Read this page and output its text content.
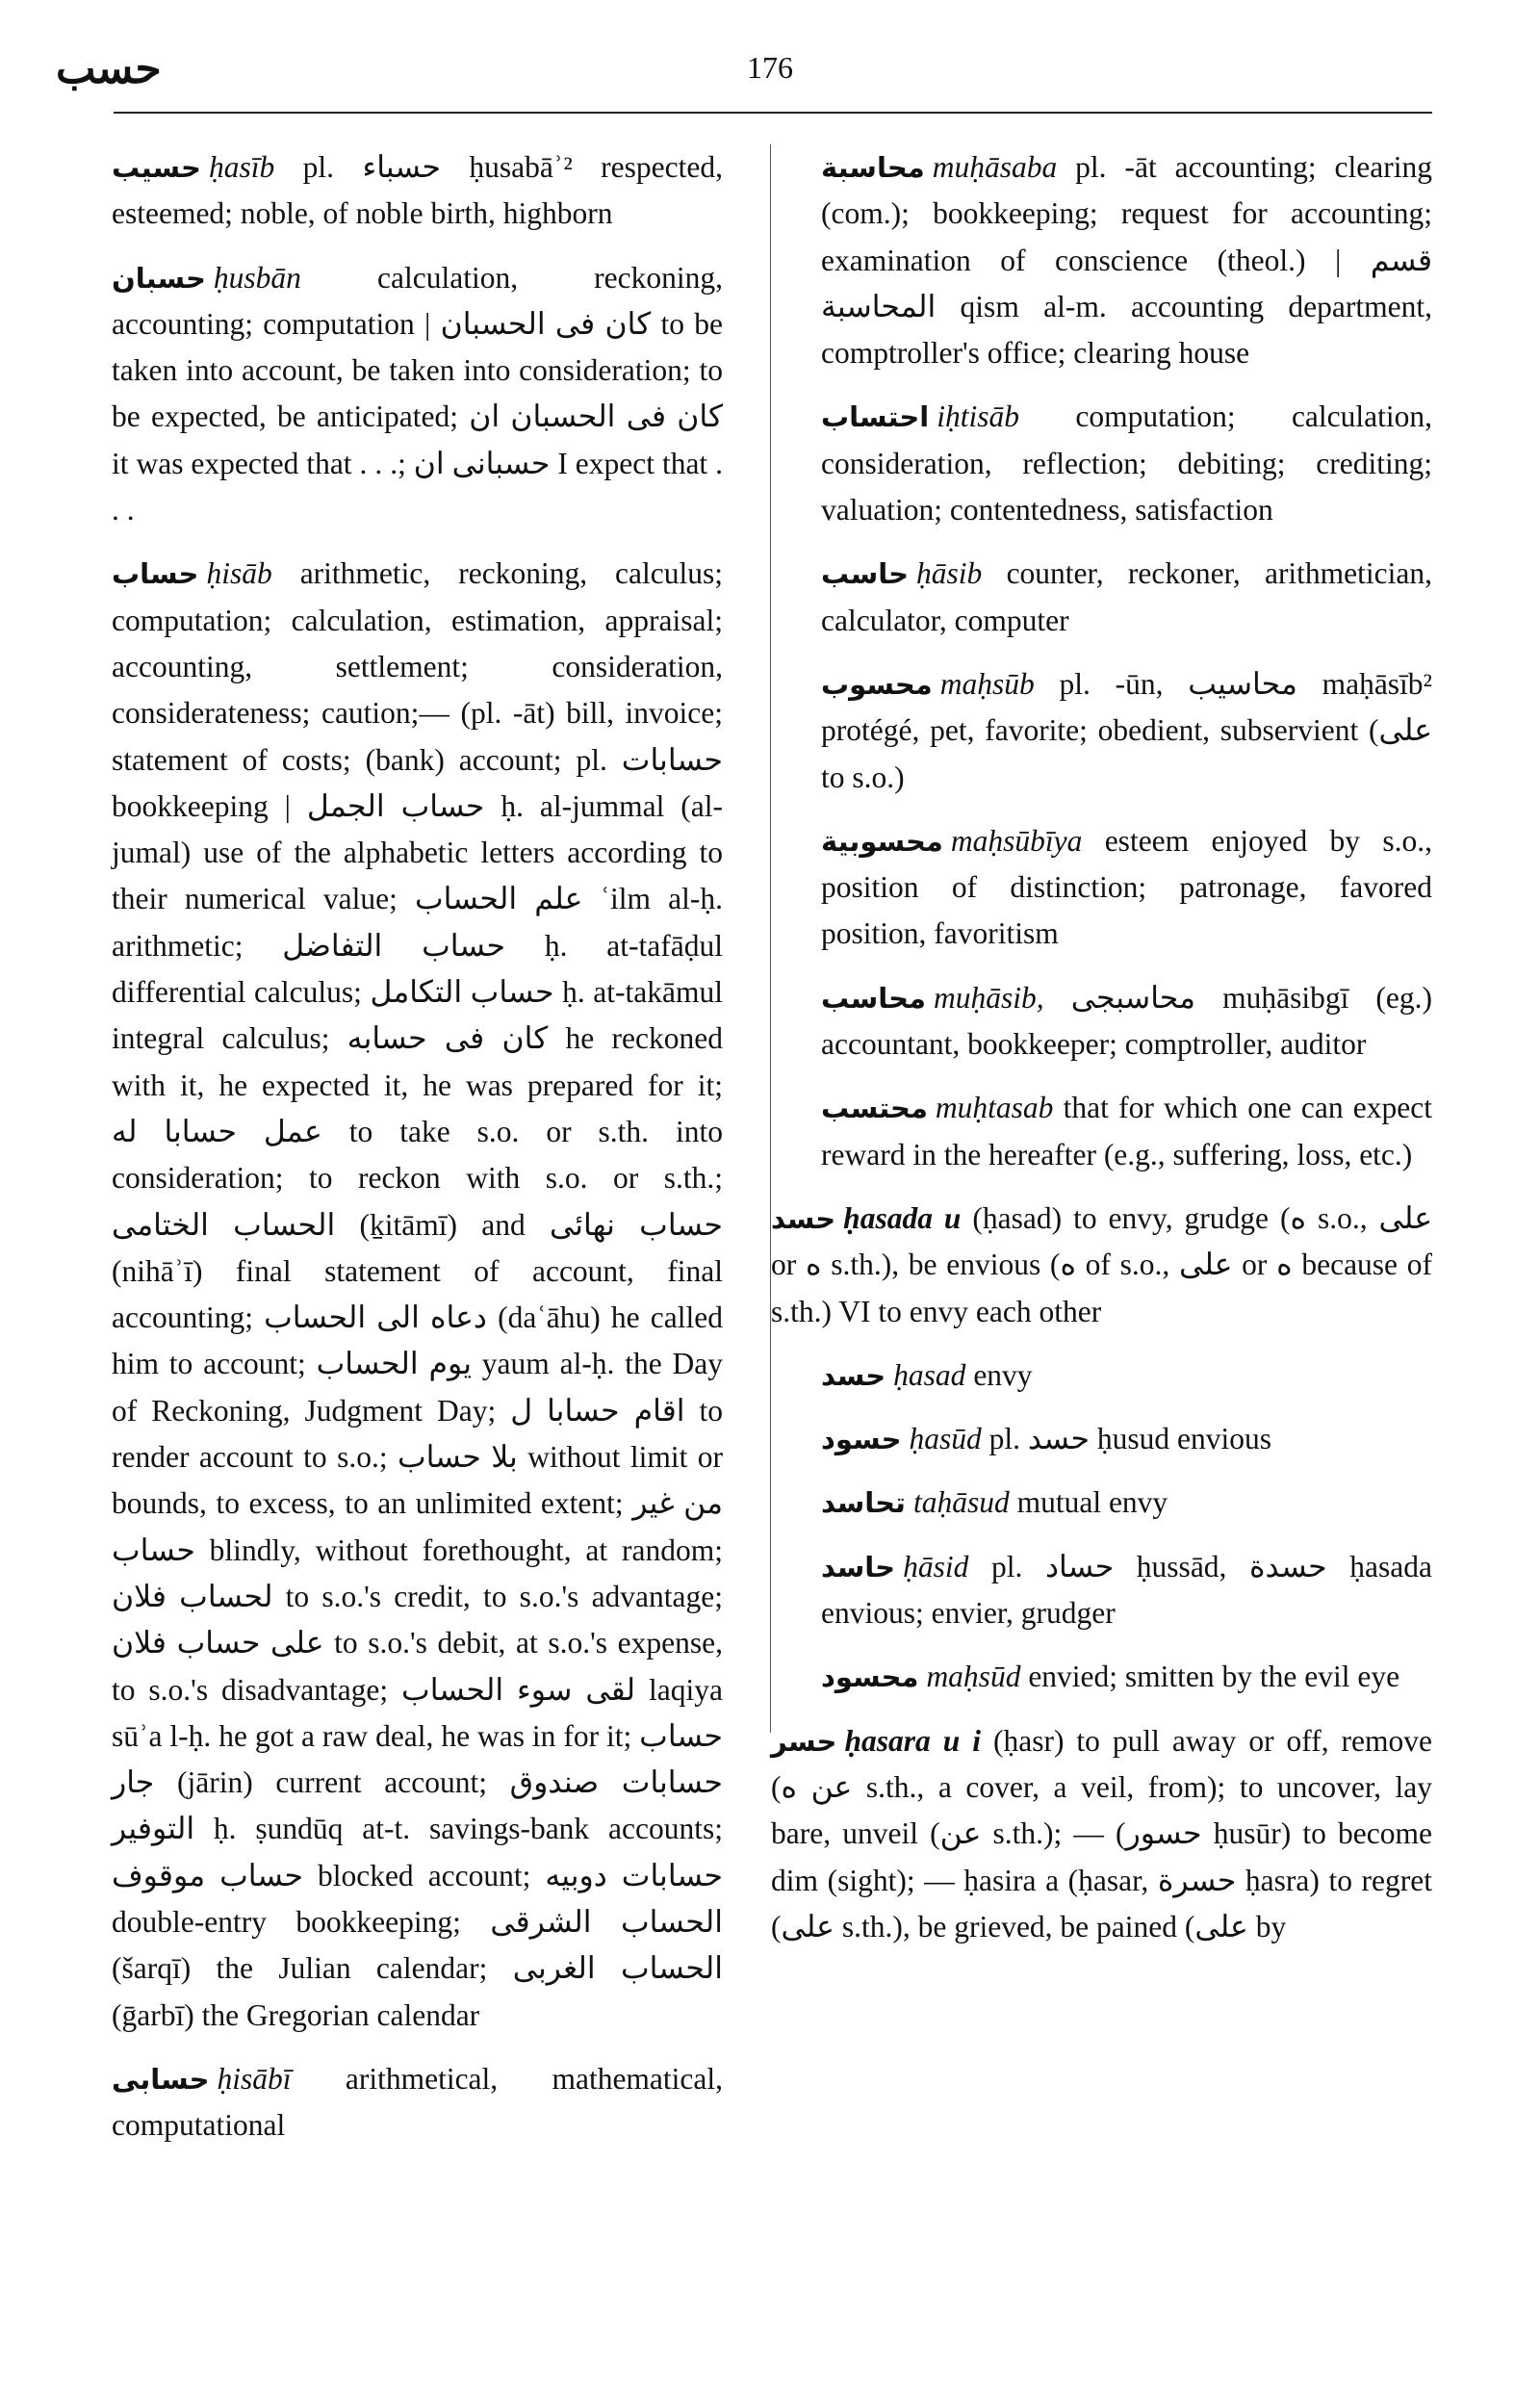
حسب	176
حسيب ḥasīb pl. حسباء ḥusabāʾ² respected, esteemed; noble, of noble birth, highborn
حسبان ḥusbān	calculation, reckoning, accounting; computation | كان فى الحسبان to be taken into account, be taken into consideration; to be expected, be anticipated; كان فى الحسبان ان it was expected that . . .; حسبانى ان I expect that . . .
حساب ḥisāb arithmetic, reckoning, calculus; computation; calculation, estimation, appraisal; accounting, settlement; consideration, considerateness; caution;— (pl. -āt) bill, invoice; statement of costs; (bank) account; pl. حسابات bookkeeping | حساب الجمل ḥ. al-jummal (al-jumal) use of the alphabetic letters according to their numerical value; علم الحساب ʿilm al-ḥ. arithmetic; حساب التفاضل ḥ. at-tafāḍul differential calculus; حساب التكامل ḥ. at-takāmul integral calculus; كان فى حسابه he reckoned with it, he expected it, he was prepared for it; عمل حسابا له to take s.o. or s.th. into consideration; to reckon with s.o. or s.th.; الحساب الختامى (ḵitāmī) and حساب نهائى (nihāʾī) final statement of account, final accounting; دعاه الى الحساب (daʿāhu) he called him to account; يوم الحساب yaum al-ḥ. the Day of Reckoning, Judgment Day; اقام حسابا ل to render account to s.o.; بلا حساب without limit or bounds, to excess, to an unlimited extent; من غير حساب blindly, without forethought, at random; لحساب فلان to s.o.'s credit, to s.o.'s advantage; على حساب فلان to s.o.'s debit, at s.o.'s expense, to s.o.'s disadvantage; لقى سوء الحساب laqiya sūʾa l-ḥ. he got a raw deal, he was in for it; حساب جار (jārin) current account; حسابات صندوق التوفير ḥ. ṣundūq at-t. savings-bank accounts; حساب موقوف blocked account; حسابات دوبيه double-entry bookkeeping; الحساب الشرقى (šarqī) the Julian calendar; الحساب الغربى (ḡarbī) the Gregorian calendar
حسابى ḥisābī arithmetical, mathematical, computational
محاسبة muḥāsaba pl. -āt accounting; clearing (com.); bookkeeping; request for accounting; examination of conscience (theol.) | قسم المحاسبة qism al-m. accounting department, comptroller's office; clearing house
احتساب iḥtisāb computation; calculation, consideration, reflection; debiting; crediting; valuation; contentedness, satisfaction
حاسب ḥāsib counter, reckoner, arithmetician, calculator, computer
محسوب maḥsūb pl. -ūn, محاسيب maḥāsīb² protégé, pet, favorite; obedient, subservient (على to s.o.)
محسوبية maḥsūbīya esteem enjoyed by s.o., position of distinction; patronage, favored position, favoritism
محاسب muḥāsib, محاسبجى muḥāsibgī (eg.) accountant, bookkeeper; comptroller, auditor
محتسب muḥtasab that for which one can expect reward in the hereafter (e.g., suffering, loss, etc.)
حسد ḥasada u (ḥasad) to envy, grudge (ه s.o., على or ه s.th.), be envious (ه of s.o., على or ه because of s.th.) VI to envy each other
حسد ḥasad envy
حسود ḥasūd pl. حسد ḥusud envious
تحاسد taḥāsud mutual envy
حاسد ḥāsid pl. حساد ḥussād, حسدة ḥasada envious; envier, grudger
محسود maḥsūd envied; smitten by the evil eye
حسر ḥasara u i (ḥasr) to pull away or off, remove (عن ه s.th., a cover, a veil, from); to uncover, lay bare, unveil (عن s.th.); — (حسور ḥusūr) to become dim (sight); — ḥasira a (ḥasar, حسرة ḥasra) to regret (على s.th.), be grieved, be pained (على by
